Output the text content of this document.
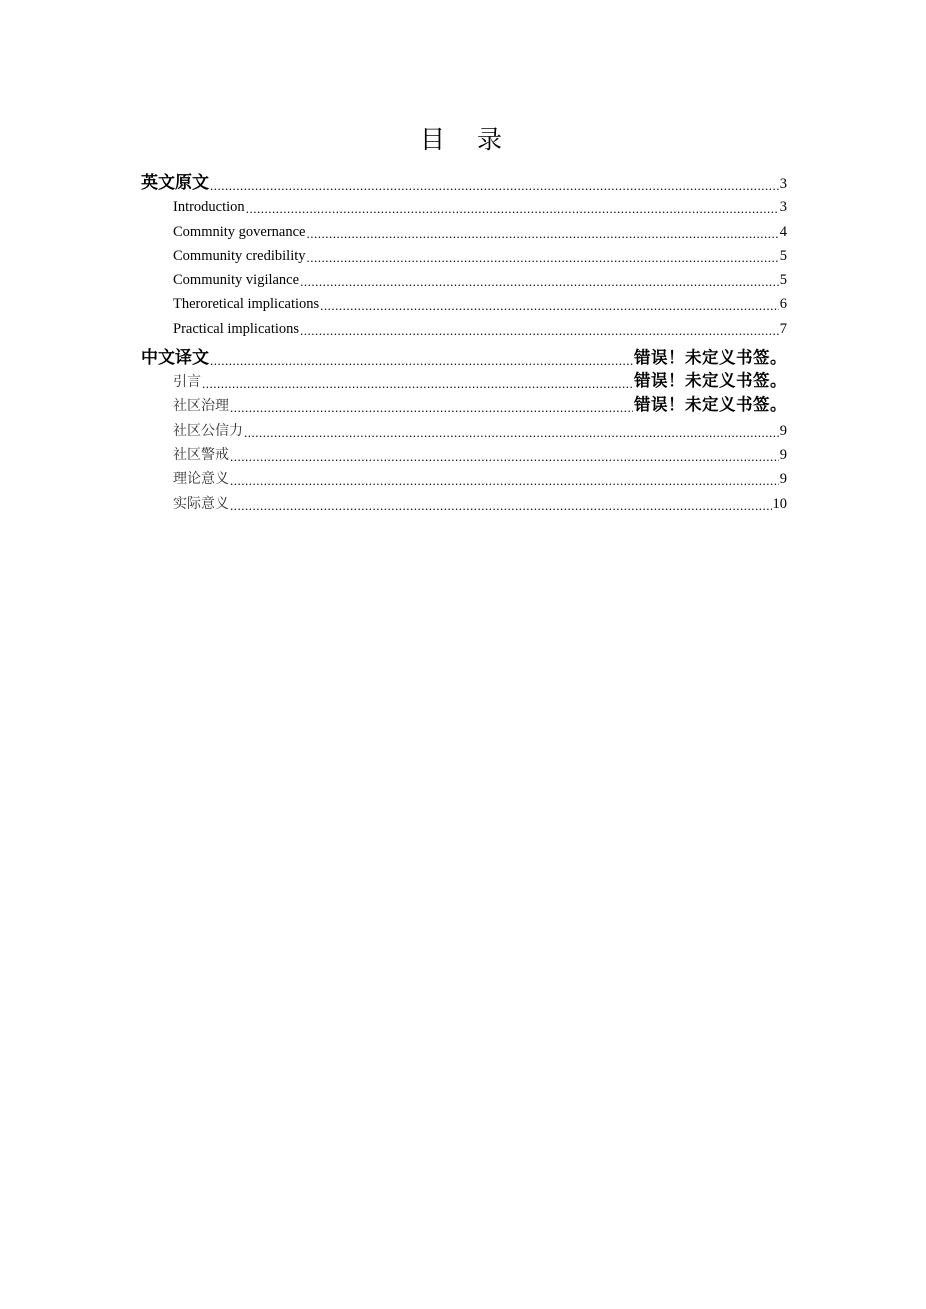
目 录
英文原文 .....	3
Introduction .....	3
Commnity governance .....	4
Community credibility .....	5
Community vigilance .....	5
Theroretical implications .....	6
Practical implications .....	7
中文译文 .....	错误！未定义书签。
引言 .....	错误！未定义书签。
社区治理 .....	错误！未定义书签。
社区公信力 .....	9
社区警戒 .....	9
理论意义 .....	9
实际意义 .....	10
